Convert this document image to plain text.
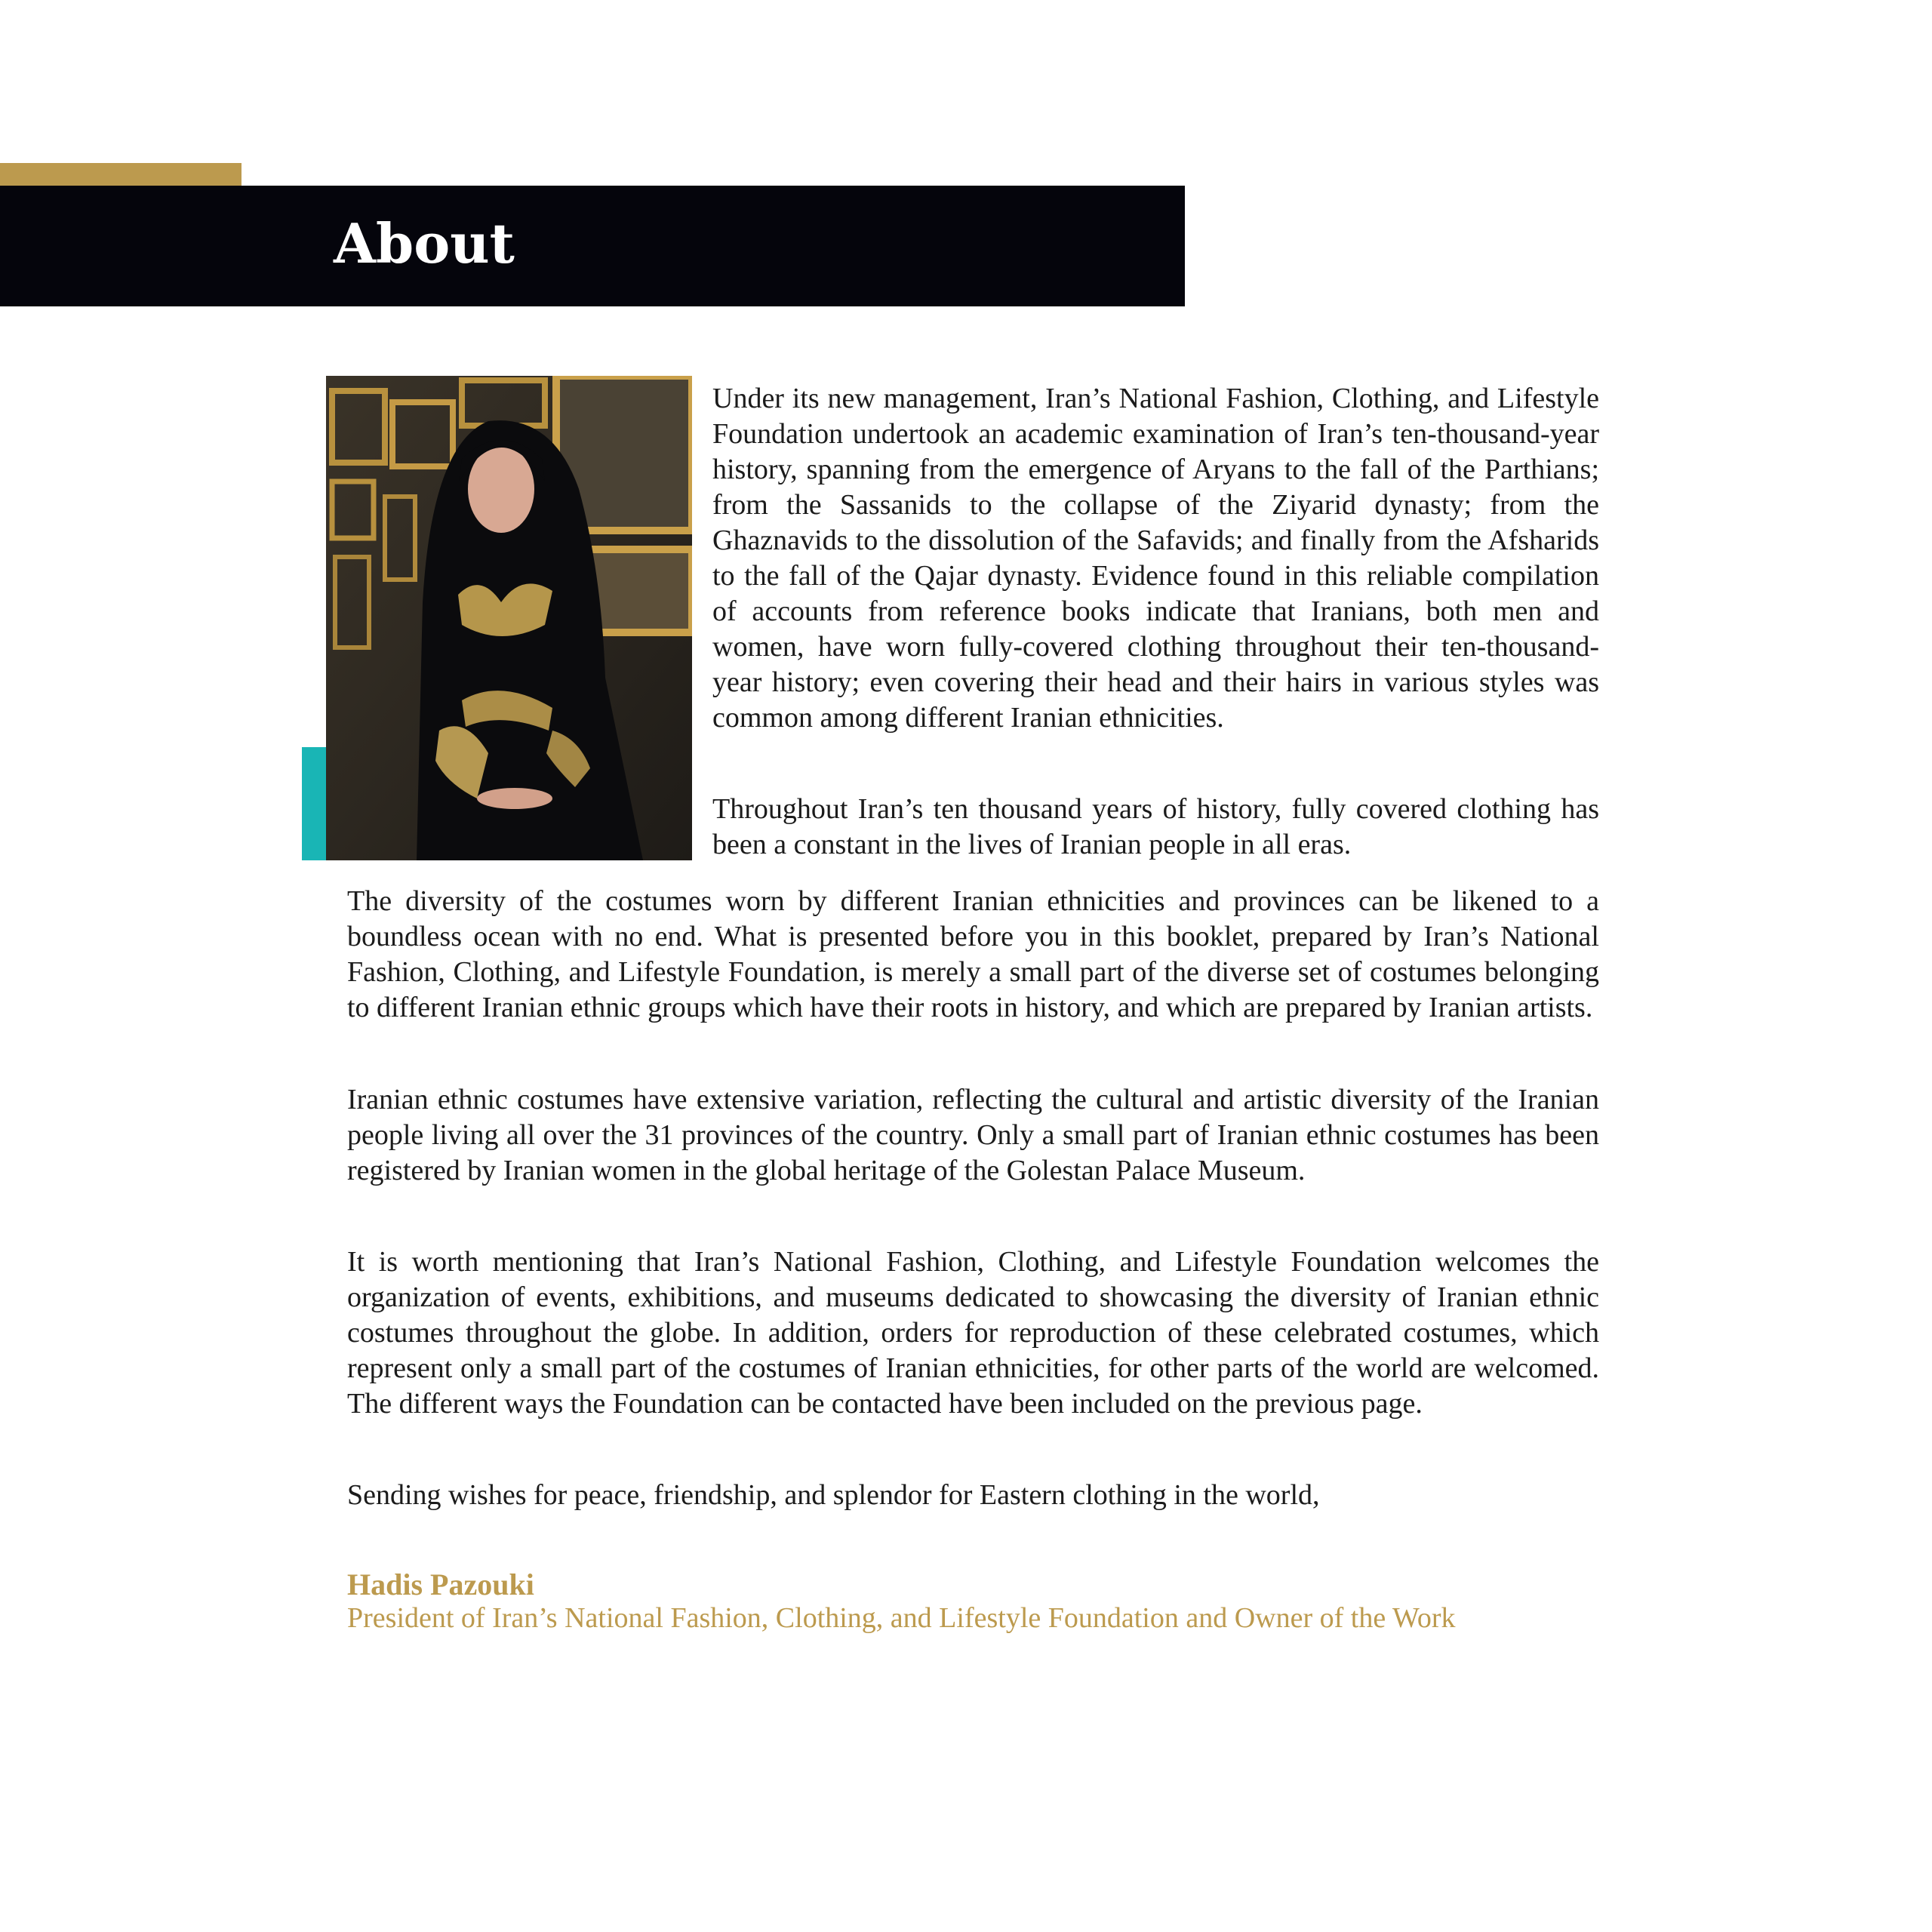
About

Under its new management, Iran’s National Fashion, Clothing, and Lifestyle Foundation undertook an academic examination of Iran’s ten-thousand-year history, spanning from the emergence of Aryans to the fall of the Parthians; from the Sassanids to the collapse of the Ziyarid dynasty; from the Ghaznavids to the dissolution of the Safavids; and finally from the Afsharids to the fall of the Qajar dynasty. Evidence found in this reliable compilation of accounts from reference books indicate that Iranians, both men and women, have worn fully-covered clothing throughout their ten-thousand-year history; even covering their head and their hairs in various styles was common among different Iranian ethnicities.

Throughout Iran’s ten thousand years of history, fully covered clothing has been a constant in the lives of Iranian people in all eras.

The diversity of the costumes worn by different Iranian ethnicities and provinces can be likened to a boundless ocean with no end. What is presented before you in this booklet, prepared by Iran’s National Fashion, Clothing, and Lifestyle Foundation, is merely a small part of the diverse set of costumes belonging to different Iranian ethnic groups which have their roots in history, and which are prepared by Iranian artists.

Iranian ethnic costumes have extensive variation, reflecting the cultural and artistic diversity of the Iranian people living all over the 31 provinces of the country. Only a small part of Iranian ethnic costumes has been registered by Iranian women in the global heritage of the Golestan Palace Museum.

It is worth mentioning that Iran’s National Fashion, Clothing, and Lifestyle Foundation welcomes the organization of events, exhibitions, and museums dedicated to showcasing the diversity of Iranian ethnic costumes throughout the globe. In addition, orders for reproduction of these celebrated costumes, which represent only a small part of the costumes of Iranian ethnicities, for other parts of the world are welcomed. The different ways the Foundation can be contacted have been included on the previous page.

Sending wishes for peace, friendship, and splendor for Eastern clothing in the world,

Hadis Pazouki

President of Iran’s National Fashion, Clothing, and Lifestyle Foundation and Owner of the Work
